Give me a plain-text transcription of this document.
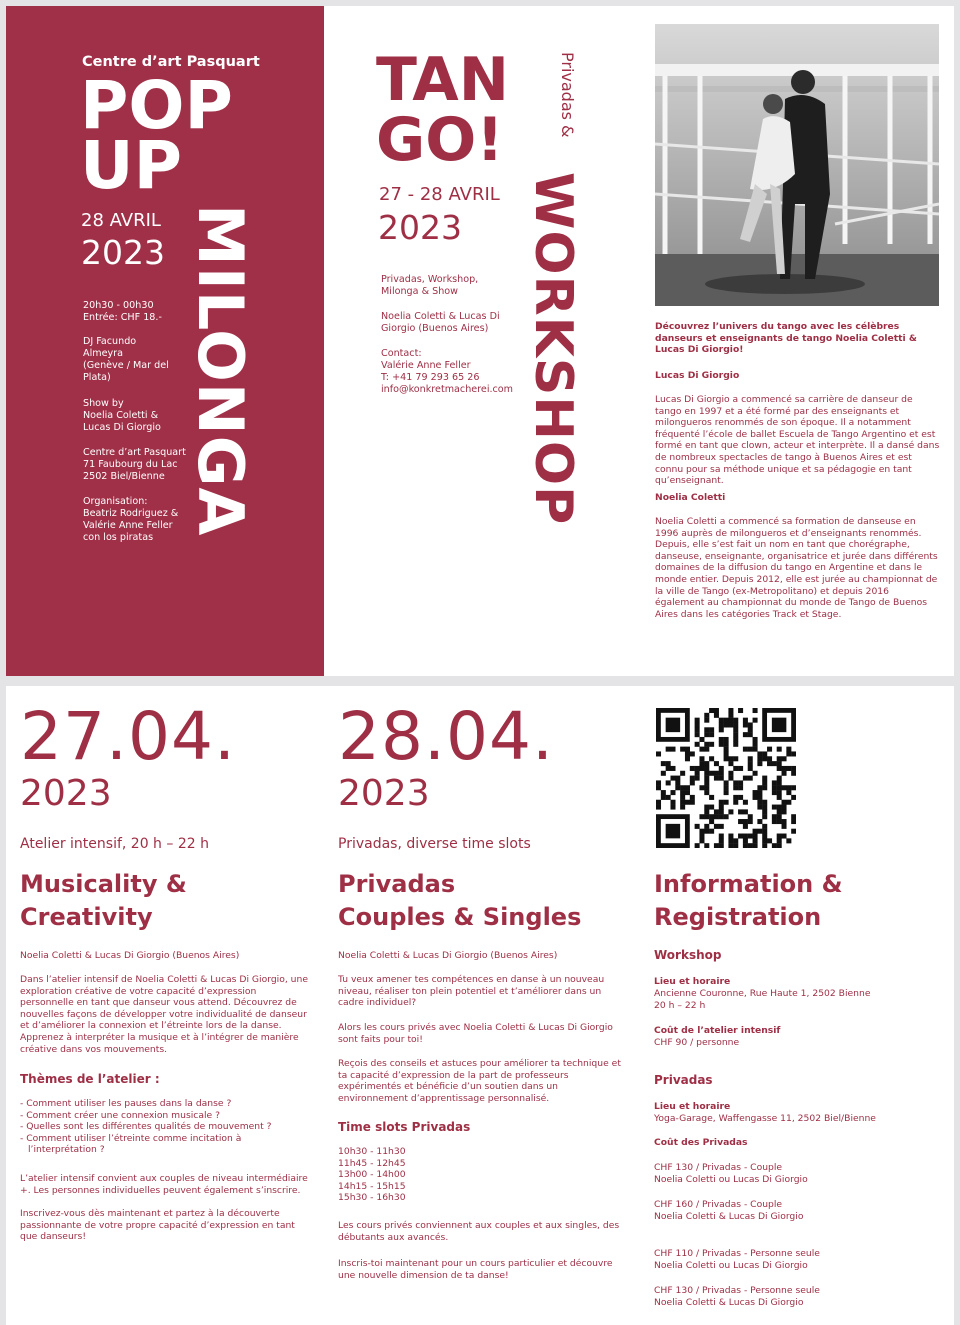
Centre d’art Pasquart
POP
UP
28 AVRIL
2023 MILONGA
20h30 - 00h30
Entrée: CHF 18.-
DJ Facundo
Almeyra
(Genève / Mar del
Plata)
Show by
Noelia Coletti &
Lucas Di Giorgio
Centre d’art Pasquart
71 Faubourg du Lac
2502 Biel/Bienne
Organisation:
Beatriz Rodriguez &
Valérie Anne Feller
con los piratas
TAN
GO!
27 - 28 AVRIL
2023
Privadas, Workshop,
Milonga & Show
Noelia Coletti & Lucas Di
Giorgio (Buenos Aires)
Contact:
Valérie Anne Feller
T: +41 79 293 65 26
info@konkretmacherei.com
Privadas &
WORKSHOP	Découvrez l’univers du tango avec les célèbres danseurs et enseignants de tango Noelia Coletti & Lucas Di Giorgio!
Lucas Di Giorgio
Lucas Di Giorgio a commencé sa carrière de danseur de tango en 1997 et a été formé par des enseignants et milongueros renommés de son époque. Il a notamment fréquenté l’école de ballet Escuela de Tango Argentino et est formé en tant que clown, acteur et interprète. Il a dansé dans de nombreux spectacles de tango à Buenos Aires et est connu pour sa méthode unique et sa pédagogie en tant qu’enseignant.
Noelia Coletti
Noelia Coletti a commencé sa formation de danseuse en 1996 auprès de milongueros et d’enseignants renommés. Depuis, elle s’est fait un nom en tant que chorégraphe, danseuse, enseignante, organisatrice et jurée dans différents domaines de la diffusion du tango en Argentine et dans le monde entier. Depuis 2012, elle est jurée au championnat de la ville de Tango (ex-Metropolitano) et depuis 2016 également au championnat du monde de Tango de Buenos Aires dans les catégories Track et Stage.
27.04.
2023
Atelier intensif, 20 h – 22 h
Musicality &
Creativity
Noelia Coletti & Lucas Di Giorgio (Buenos Aires)
Dans l’atelier intensif de Noelia Coletti & Lucas Di Giorgio, une exploration créative de votre capacité d’expression personnelle en tant que danseur vous attend. Découvrez de nouvelles façons de développer votre individualité de danseur et d’améliorer la connexion et l’étreinte lors de la danse. Apprenez à interpréter la musique et à l’intégrer de manière créative dans vos mouvements.
Thèmes de l’atelier :
- Comment utiliser les pauses dans la danse ?
- Comment créer une connexion musicale ?
- Quelles sont les différentes qualités de mouvement ?
- Comment utiliser l’étreinte comme incitation à
l’interprétation ?
L’atelier intensif convient aux couples de niveau intermédiaire +. Les personnes individuelles peuvent également s’inscrire.
Inscrivez-vous dès maintenant et partez à la découverte passionnante de votre propre capacité d’expression en tant que danseurs!
28.04.
2023
Privadas, diverse time slots
Privadas
Couples & Singles
Noelia Coletti & Lucas Di Giorgio (Buenos Aires)
Tu veux amener tes compétences en danse à un nouveau niveau, réaliser ton plein potentiel et t’améliorer dans un cadre individuel?
Alors les cours privés avec Noelia Coletti & Lucas Di Giorgio sont faits pour toi!
Reçois des conseils et astuces pour améliorer ta technique et ta capacité d’expression de la part de professeurs expérimentés et bénéficie d’un soutien dans un environnement d’apprentissage personnalisé.
Time slots Privadas
10h30 - 11h30
11h45 - 12h45
13h00 - 14h00
14h15 - 15h15
15h30 - 16h30
Les cours privés conviennent aux couples et aux singles, des débutants aux avancés.
Inscris-toi maintenant pour un cours particulier et découvre une nouvelle dimension de ta danse!
Information &
Registration
Workshop
Lieu et horaire
Ancienne Couronne, Rue Haute 1, 2502 Bienne
20 h – 22 h
Coût de l’atelier intensif
CHF 90 / personne
Privadas
Lieu et horaire
Yoga-Garage, Waffengasse 11, 2502 Biel/Bienne
Coût des Privadas
CHF 130 / Privadas - Couple
Noelia Coletti ou Lucas Di Giorgio
CHF 160 / Privadas - Couple
Noelia Coletti & Lucas Di Giorgio
CHF 110 / Privadas - Personne seule
Noelia Coletti ou Lucas Di Giorgio
CHF 130 / Privadas - Personne seule
Noelia Coletti & Lucas Di Giorgio
